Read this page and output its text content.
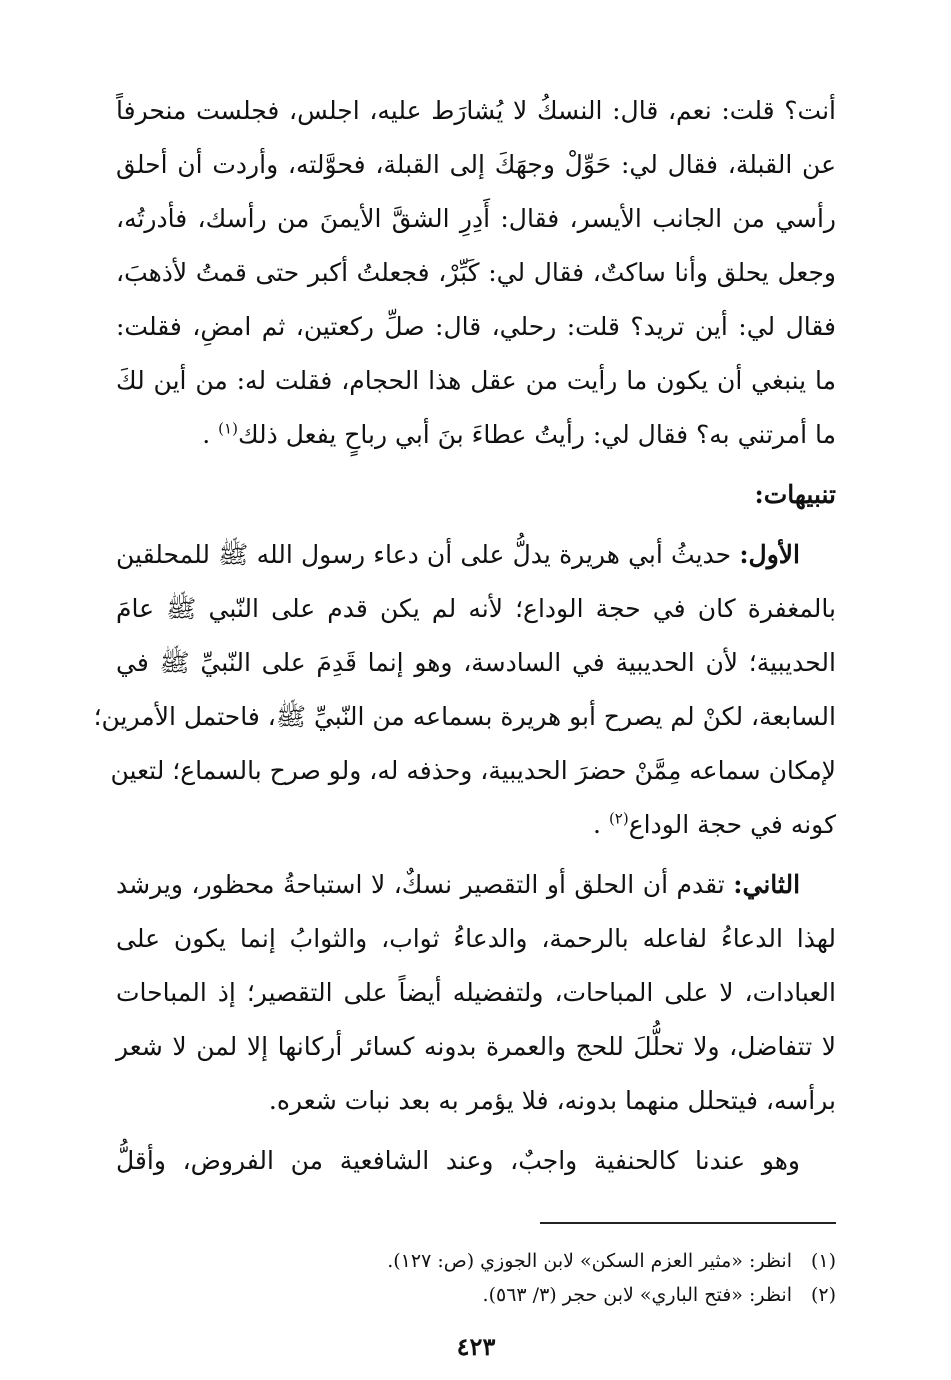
أنت؟ قلت: نعم، قال: النسكُ لا يُشارَط عليه، اجلس، فجلست منحرفاً
عن القبلة، فقال لي: حَوِّلْ وجهَكَ إلى القبلة، فحوَّلته، وأردت أن أحلق
رأسي من الجانب الأيسر، فقال: أَدِرِ الشقَّ الأيمنَ من رأسك، فأدرتُه،
وجعل يحلق وأنا ساكتٌ، فقال لي: كَبِّرْ، فجعلتُ أكبر حتى قمتُ لأذهبَ،
فقال لي: أين تريد؟ قلت: رحلي، قال: صلِّ ركعتين، ثم امضِ، فقلت:
ما ينبغي أن يكون ما رأيت من عقل هذا الحجام، فقلت له: من أين لكَ
ما أمرتني به؟ فقال لي: رأيتُ عطاءَ بنَ أبي رباحٍ يفعل ذلك$^{(١)}$ .
تنبيهات:
الأول: حديثُ أبي هريرة يدلُّ على أن دعاء رسول الله ﷺ للمحلقين
بالمغفرة كان في حجة الوداع؛ لأنه لم يكن قدم على النّبي ﷺ عامَ
الحديبية؛ لأن الحديبية في السادسة، وهو إنما قَدِمَ على النّبيِّ ﷺ في
السابعة، لكنْ لم يصرح أبو هريرة بسماعه من النّبيِّ ﷺ، فاحتمل الأمرين؛
لإمكان سماعه مِمَّنْ حضرَ الحديبية، وحذفه له، ولو صرح بالسماع؛ لتعين
كونه في حجة الوداع$^{(٢)}$ .
الثاني: تقدم أن الحلق أو التقصير نسكٌ، لا استباحةُ محظور، ويرشد
لهذا الدعاءُ لفاعله بالرحمة، والدعاءُ ثواب، والثوابُ إنما يكون على
العبادات، لا على المباحات، ولتفضيله أيضاً على التقصير؛ إذ المباحات
لا تتفاضل، ولا تحلُّلَ للحج والعمرة بدونه كسائر أركانها إلا لمن لا شعر
برأسه، فيتحلل منهما بدونه، فلا يؤمر به بعد نبات شعره.
وهو عندنا كالحنفية واجبٌ، وعند الشافعية من الفروض، وأقلُّ
(١)انظر: «مثير العزم السكن» لابن الجوزي (ص: ١٢٧).
(٢)انظر: «فتح الباري» لابن حجر (٣/ ٥٦٣).
٤٢٣
